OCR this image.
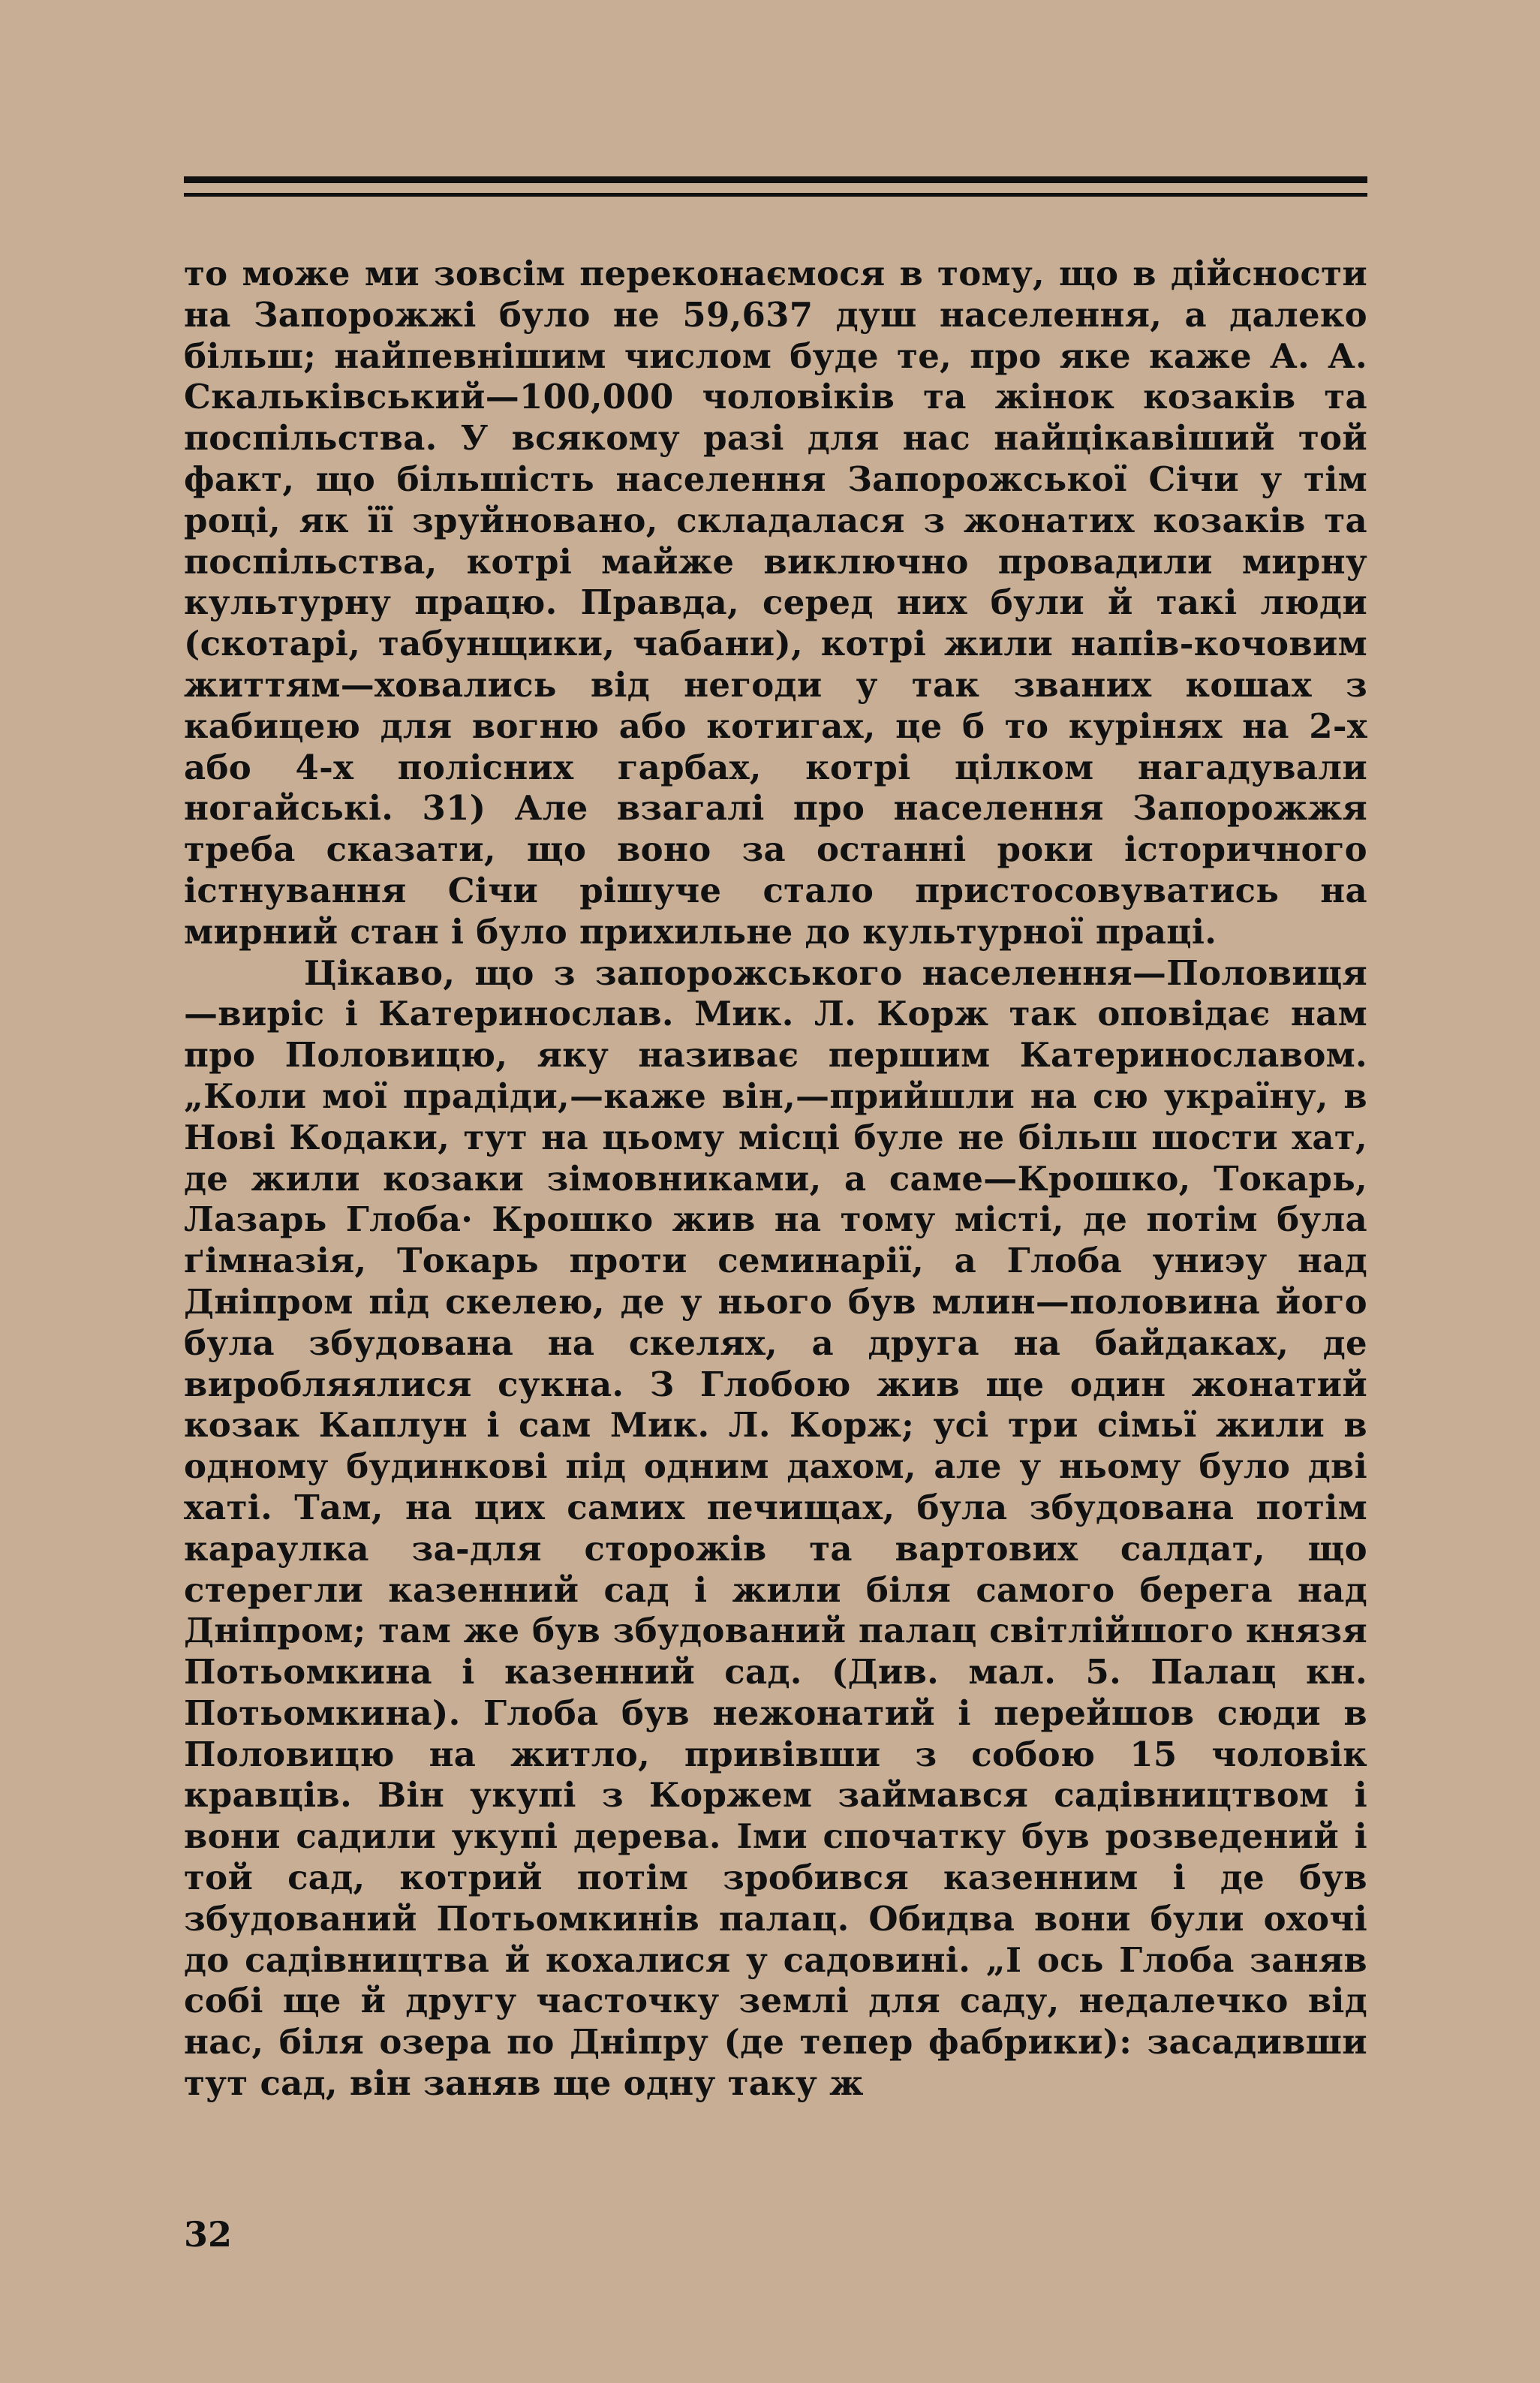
то може ми зовсім переконаємося в тому, що в дійсности на Запорожжі було не 59,637 душ населення, а далеко більш; найпевнішим числом буде те, про яке каже А. А. Скальківський—100,000 чоловіків та жінок козаків та поспільства. У всякому разі для нас найцікавіший той факт, що більшість населення Запорожської Січи у тім році, як її зруйновано, складалася з жонатих козаків та поспільства, котрі майже виключно провадили мирну культурну працю. Правда, серед них були й такі люди (скотарі, табунщики, чабани), котрі жили напів-кочовим життям—ховались від негоди у так званих кошах з кабицею для вогню або котигах, це б то курінях на 2-х або 4-х полісних гарбах, котрі цілком нагадували ногайські. 31) Але взагалі про населення Запорожжя треба сказати, що воно за останні роки історичного істнування Січи рішуче стало пристосовуватись на мирний стан і було прихильне до культурної праці.

Цікаво, що з запорожського населення—Половиця—виріс і Катеринослав. Мик. Л. Корж так оповідає нам про Половицю, яку називає першим Катеринославом. „Коли мої прадіди,—каже він,—прийшли на сю україну, в Нові Кодаки, тут на цьому місці буле не більш шости хат, де жили козаки зімовниками, а саме—Крошко, Токарь, Лазарь Глоба· Крошко жив на тому місті, де потім була ґімназія, Токарь проти семинарії, а Глоба униэу над Дніпром під скелею, де у нього був млин—половина його була збудована на скелях, а друга на байдаках, де виробляялися сукна. З Глобою жив ще один жонатий козак Каплун і сам Мик. Л. Корж; усі три сімьї жили в одному будинкові під одним дахом, але у ньому було дві хаті. Там, на цих самих печищах, була збудована потім караулка за-для сторожів та вартових салдат, що стерегли казенний сад і жили біля самого берега над Дніпром; там же був збудований палац світлійшого князя Потьомкина і казенний сад. (Див. мал. 5. Палац кн. Потьомкина). Глоба був нежонатий і перейшов сюди в Половицю на житло, привівши з собою 15 чоловік кравців. Він укупі з Коржем займався садівництвом і вони садили укупі дерева. Іми спочатку був розведений і той сад, котрий потім зробився казенним і де був збудований Потьомкинів палац. Обидва вони були охочі до садівництва й кохалися у садовині. „І ось Глоба заняв собі ще й другу часточку землі для саду, недалечко від нас, біля озера по Дніпру (де тепер фабрики): засадивши тут сад, він заняв ще одну таку ж

32
